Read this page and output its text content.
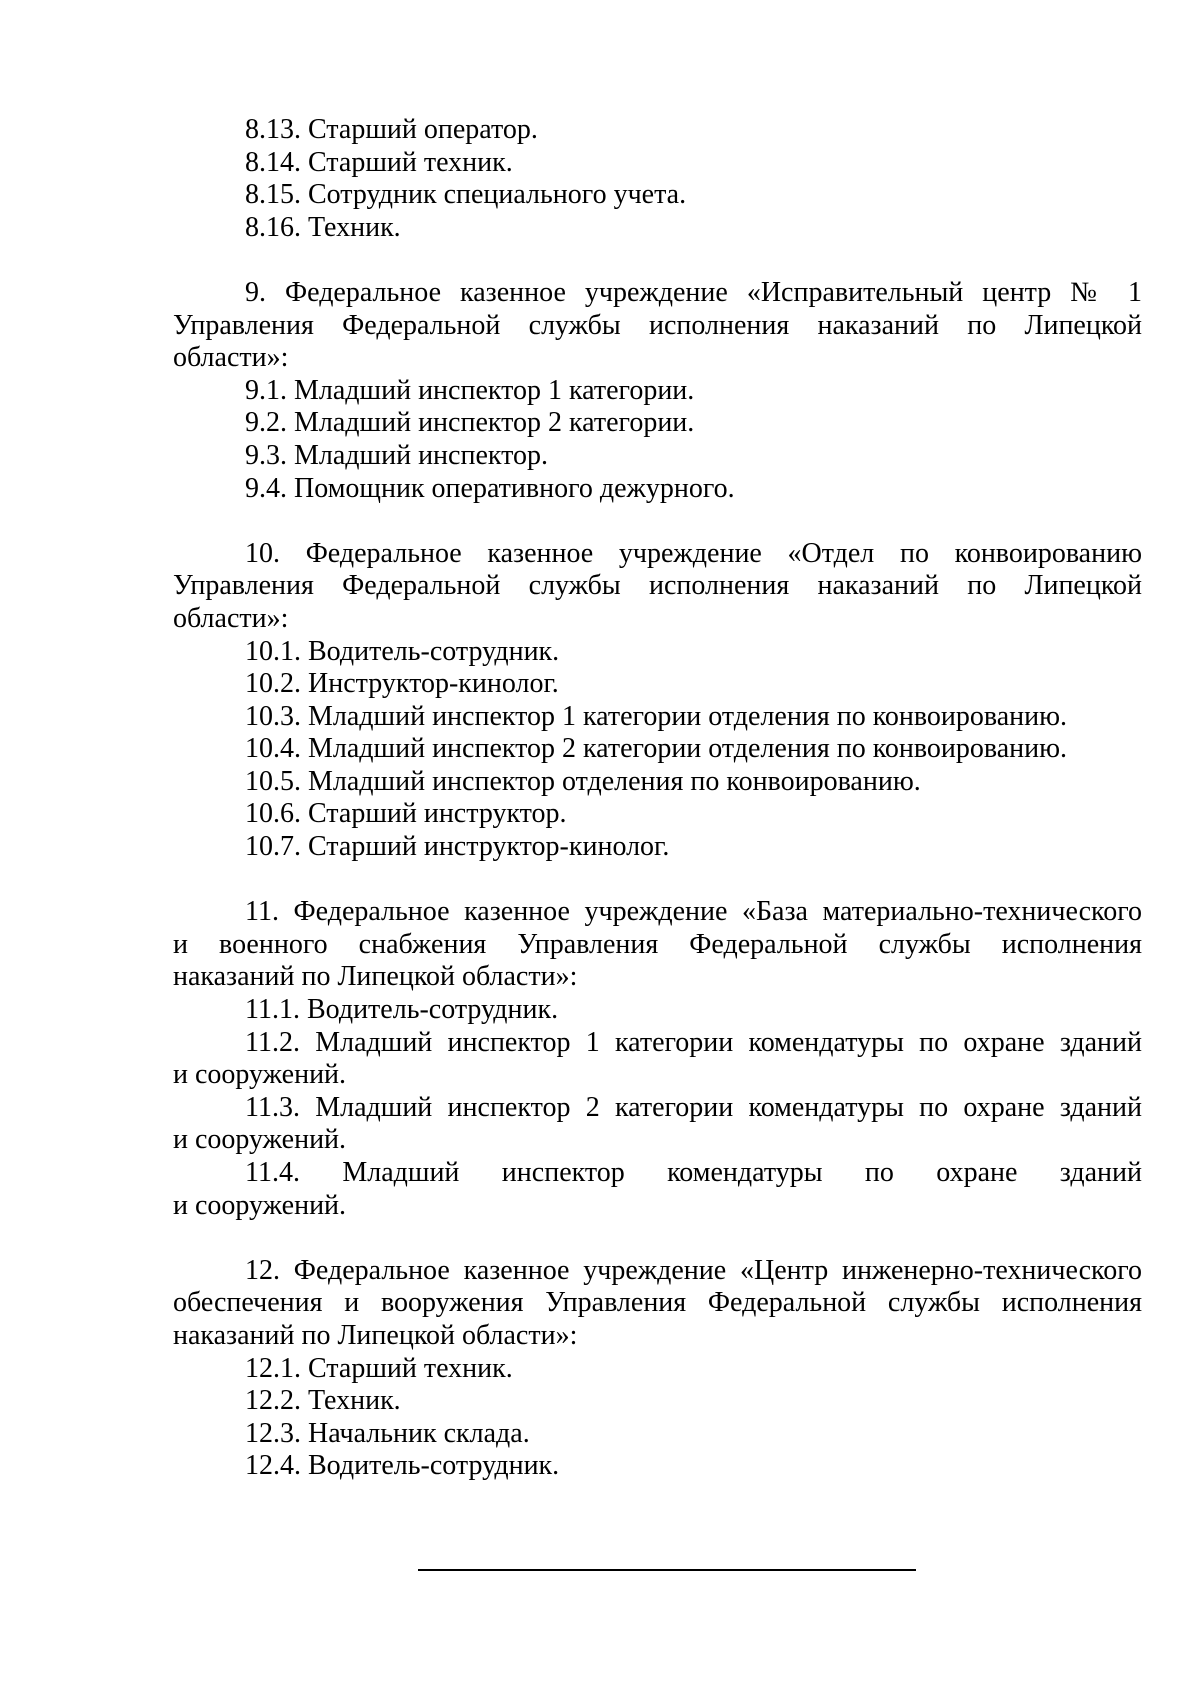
8.13. Старший оператор.

8.14. Старший техник.

8.15. Сотрудник специального учета.

8.16. Техник.

9. Федеральное казенное учреждение «Исправительный центр № 1
Управления Федеральной службы исполнения наказаний по Липецкой
области»:

9.1. Младший инспектор 1 категории.

9.2. Младший инспектор 2 категории.

9.3. Младший инспектор.

9.4. Помощник оперативного дежурного.

10. Федеральное казенное учреждение «Отдел по конвоированию
Управления Федеральной службы исполнения наказаний по Липецкой
области»:

10.1. Водитель-сотрудник.

10.2. Инструктор-кинолог.

10.3. Младший инспектор 1 категории отделения по конвоированию.

10.4. Младший инспектор 2 категории отделения по конвоированию.

10.5. Младший инспектор отделения по конвоированию.

10.6. Старший инструктор.

10.7. Старший инструктор-кинолог.

11. Федеральное казенное учреждение «База материально-технического
и военного снабжения Управления Федеральной службы исполнения
наказаний по Липецкой области»:

11.1. Водитель-сотрудник.

11.2. Младший инспектор 1 категории комендатуры по охране зданий
и сооружений.

11.3. Младший инспектор 2 категории комендатуры по охране зданий
и сооружений.

11.4. Младший инспектор комендатуры по охране зданий
и сооружений.

12. Федеральное казенное учреждение «Центр инженерно-технического
обеспечения и вооружения Управления Федеральной службы исполнения
наказаний по Липецкой области»:

12.1. Старший техник.

12.2. Техник.

12.3. Начальник склада.

12.4. Водитель-сотрудник.
